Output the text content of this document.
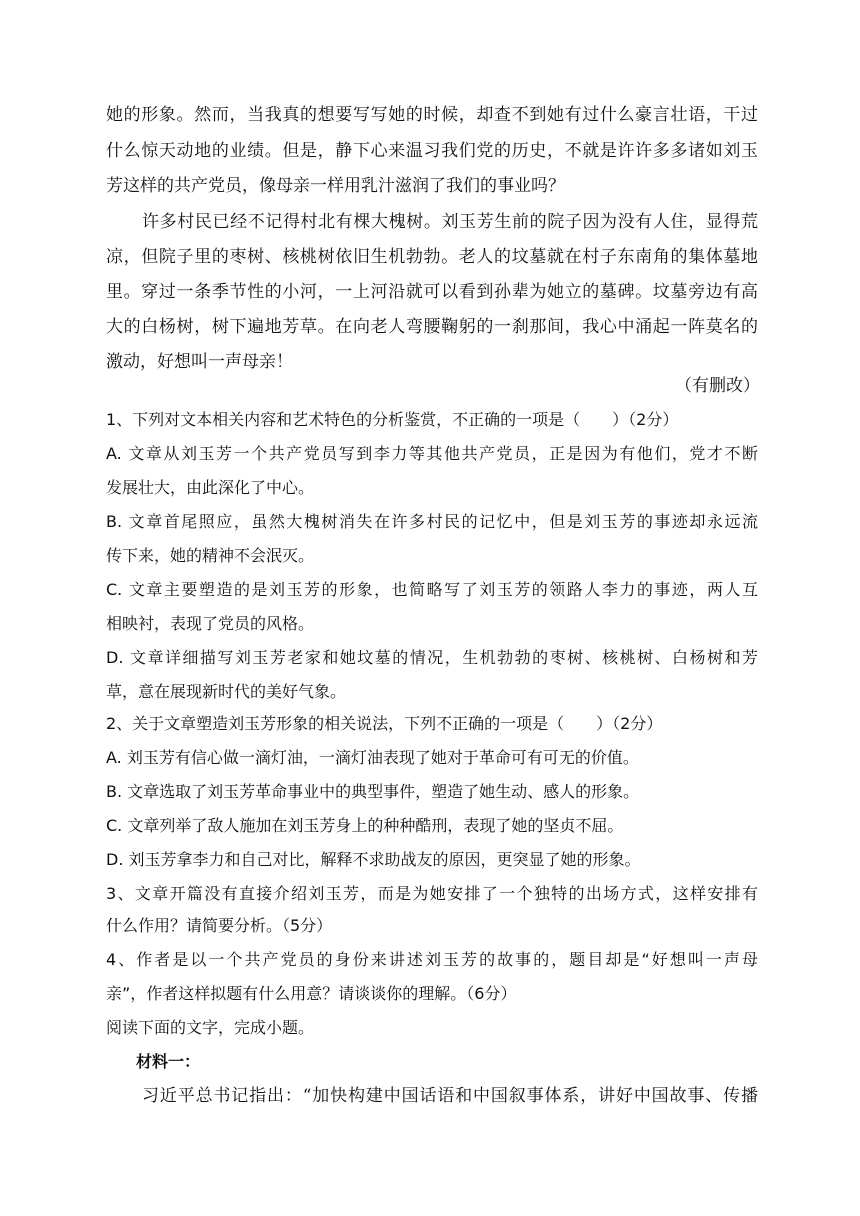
她的形象。然而，当我真的想要写写她的时候，却查不到她有过什么豪言壮语，干过
什么惊天动地的业绩。但是，静下心来温习我们党的历史，不就是许许多多诸如刘玉
芳这样的共产党员，像母亲一样用乳汁滋润了我们的事业吗？
许多村民已经不记得村北有棵大槐树。刘玉芳生前的院子因为没有人住，显得荒
凉，但院子里的枣树、核桃树依旧生机勃勃。老人的坟墓就在村子东南角的集体墓地
里。穿过一条季节性的小河，一上河沿就可以看到孙辈为她立的墓碑。坟墓旁边有高
大的白杨树，树下遍地芳草。在向老人弯腰鞠躬的一刹那间，我心中涌起一阵莫名的
激动，好想叫一声母亲！
（有删改）
1、下列对文本相关内容和艺术特色的分析鉴赏，不正确的一项是（　　）（2分）
A. 文章从刘玉芳一个共产党员写到李力等其他共产党员，正是因为有他们，党才不断
发展壮大，由此深化了中心。
B. 文章首尾照应，虽然大槐树消失在许多村民的记忆中，但是刘玉芳的事迹却永远流
传下来，她的精神不会泯灭。
C. 文章主要塑造的是刘玉芳的形象，也简略写了刘玉芳的领路人李力的事迹，两人互
相映衬，表现了党员的风格。
D. 文章详细描写刘玉芳老家和她坟墓的情况，生机勃勃的枣树、核桃树、白杨树和芳
草，意在展现新时代的美好气象。
2、关于文章塑造刘玉芳形象的相关说法，下列不正确的一项是（　　）（2分）
A. 刘玉芳有信心做一滴灯油，一滴灯油表现了她对于革命可有可无的价值。
B. 文章选取了刘玉芳革命事业中的典型事件，塑造了她生动、感人的形象。
C. 文章列举了敌人施加在刘玉芳身上的种种酷刑，表现了她的坚贞不屈。
D. 刘玉芳拿李力和自己对比，解释不求助战友的原因，更突显了她的形象。
3、文章开篇没有直接介绍刘玉芳，而是为她安排了一个独特的出场方式，这样安排有
什么作用？请简要分析。（5分）
4、作者是以一个共产党员的身份来讲述刘玉芳的故事的，题目却是“好想叫一声母
亲”，作者这样拟题有什么用意？请谈谈你的理解。（6分）
阅读下面的文字，完成小题。
材料一：
习近平总书记指出：“加快构建中国话语和中国叙事体系，讲好中国故事、传播
